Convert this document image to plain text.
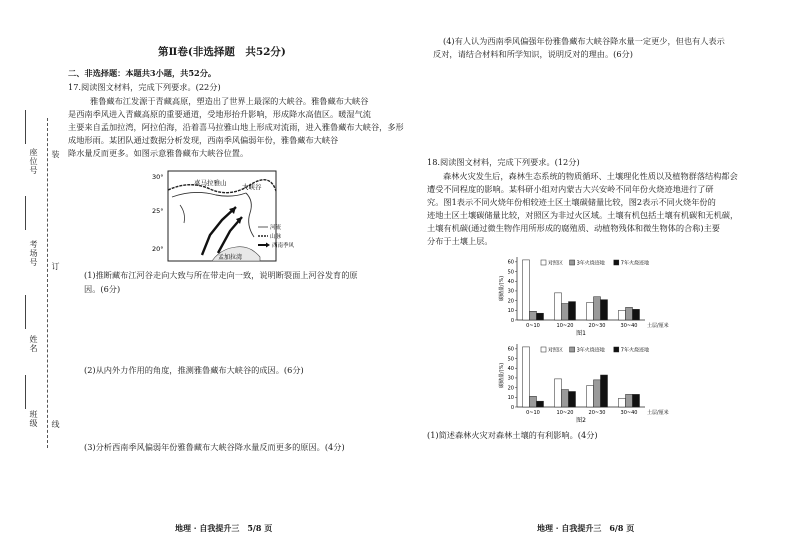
座位号
考场号
姓名
班级
装
订
线
第Ⅱ卷(非选择题　共52分)
二、非选择题：本题共3小题，共52分。
17.阅读图文材料，完成下列要求。(22分)
雅鲁藏布江发源于青藏高原，塑造出了世界上最深的大峡谷。雅鲁藏布大峡谷
是西南季风进入青藏高原的重要通道，受地形抬升影响，形成降水高值区。暖湿气流
主要来自孟加拉湾，阿拉伯海，沿着喜马拉雅山地上形成对流雨，进入雅鲁藏布大峡谷，多形
成地形雨。某团队通过数据分析发现，西南季风偏弱年份，雅鲁藏布大峡谷
降水量反而更多。如图示意雅鲁藏布大峡谷位置。
喜马拉雅山 大峡谷
孟加拉湾
30°
25°
20°
河流
山脉
西南季风
(1)推断藏布江河谷走向大致与所在带走向一致，说明断裂面上河谷发育的原
因。(6分)
(2)从内外力作用的角度，推测雅鲁藏布大峡谷的成因。(6分)
(3)分析西南季风偏弱年份雅鲁藏布大峡谷降水量反而更多的原因。(4分)
地理 · 自我提升三　5/8 页
(4)有人认为西南季风偏强年份雅鲁藏布大峡谷降水量一定更少，但也有人表示
反对，请结合材料和所学知识，说明反对的理由。(6分)
18.阅读图文材料，完成下列要求。(12分)
森林火灾发生后，森林生态系统的物质循环、土壤理化性质以及植物群落结构都会
遭受不同程度的影响。某科研小组对内蒙古大兴安岭不同年份火烧迹地进行了研
究。图1表示不同火烧年份相较迹土区土壤碳储量比较，图2表示不同火烧年份的
迹地土区土壤碳储量比较，对照区为非过火区域。土壤有机包括土壤有机碳和无机碳，
土壤有机碳(通过微生物作用所形成的腐殖质、动植物残体和微生物体的合称)主要
分布于土壤上层。
碳储量/(%)
0
10
20
30
40
50
60
0~10	10~20	20~30	30~40 土层/厘米
对照区	3年火烧迹地	7年火烧迹地
图1
碳储量/(%)
0
10
20
30
40
50
60
0~10	10~20	20~30	30~40 土层/厘米
对照区	3年火烧迹地	7年火烧迹地
图2
(1)简述森林火灾对森林土壤的有利影响。(4分)
地理 · 自我提升三　6/8 页
